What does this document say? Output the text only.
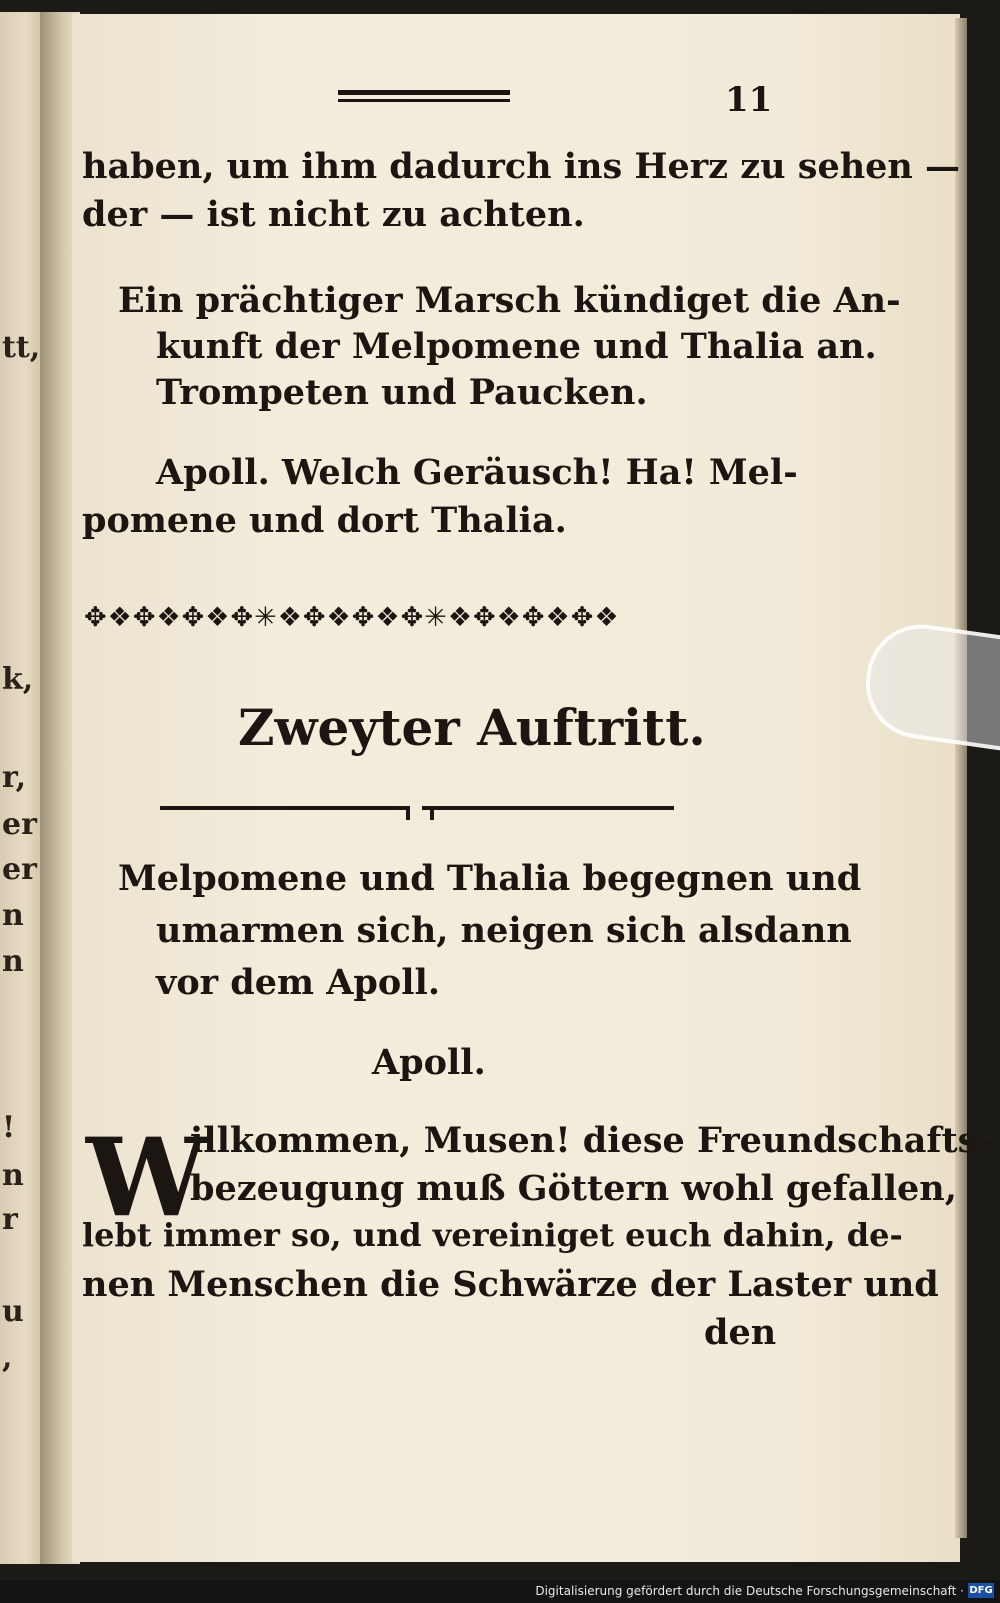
tt,
k,
r,
er
er
n
n
!
n
r
u
,
11
haben, um ihm dadurch ins Herz zu sehen —
der — ist nicht zu achten.
Ein prächtiger Marsch kündiget die An-
kunft der Melpomene und Thalia an.
Trompeten und Paucken.
Apoll. Welch Geräusch! Ha! Mel-
pomene und dort Thalia.
✥❖✥❖✥❖✥✳❖✥❖✥❖✥✳❖✥❖✥❖✥❖
Zweyter Auftritt.
Melpomene und Thalia begegnen und
umarmen sich, neigen sich alsdann
vor dem Apoll.
Apoll.
W
illkommen, Musen! diese Freundschafts-
bezeugung muß Göttern wohl gefallen,
lebt immer so, und vereiniget euch dahin, de-
nen Menschen die Schwärze der Laster und
den
Digitalisierung gefördert durch die Deutsche Forschungsgemeinschaft · DFG
